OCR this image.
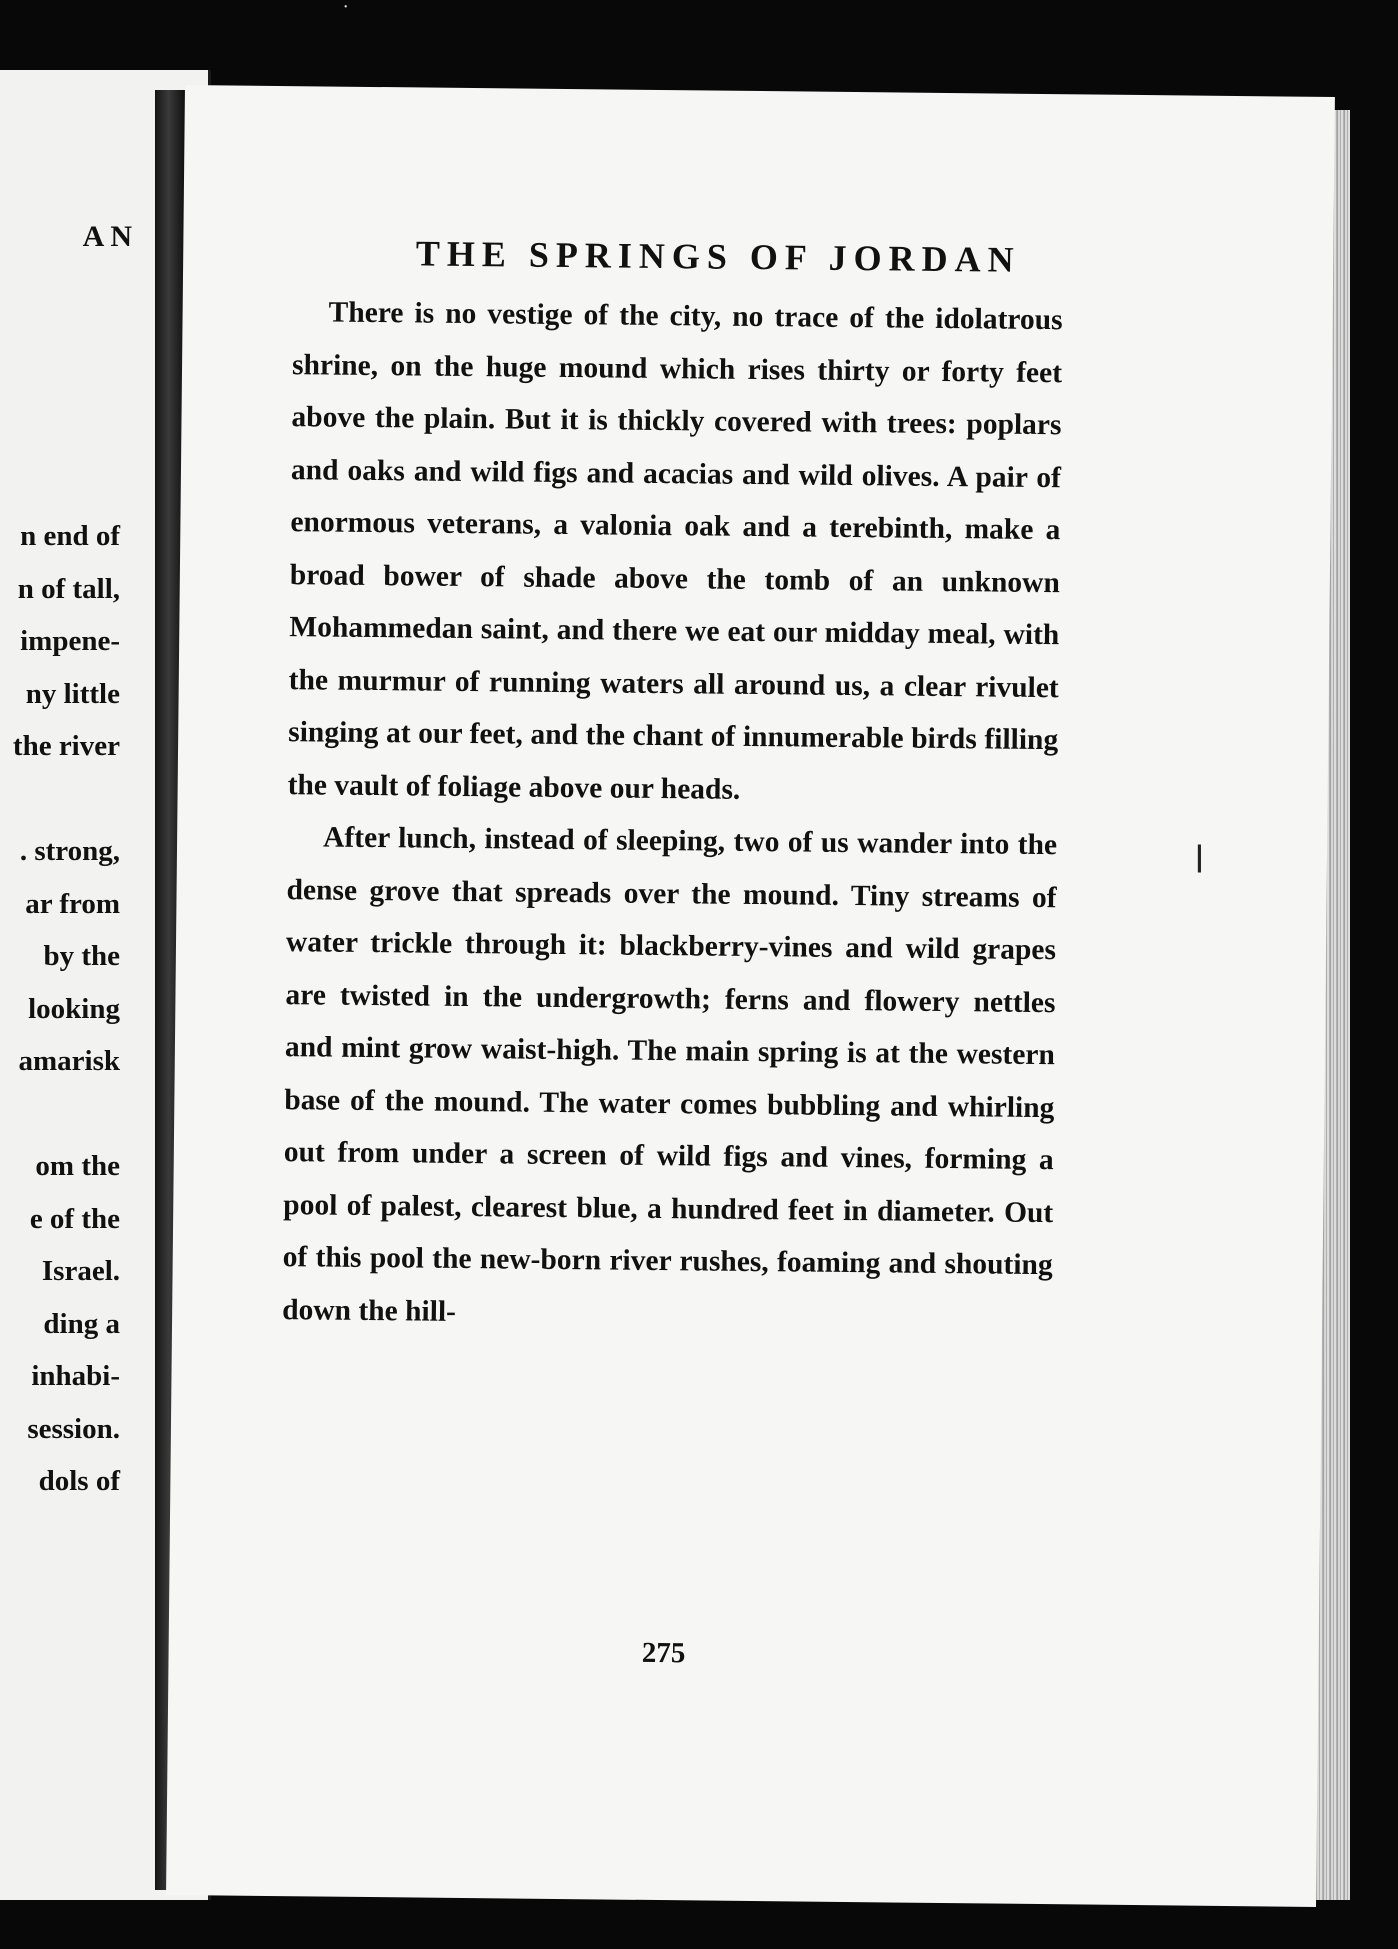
AN
n end of
n of tall,
impene-
ny little
the river
. strong,
ar from
by the
looking
amarisk
om the
e of the
Israel.
ding a
inhabi-
session.
dols of
THE SPRINGS OF JORDAN

There is no vestige of the city, no trace of the idolatrous shrine, on the huge mound which rises thirty or forty feet above the plain. But it is thickly covered with trees: poplars and oaks and wild figs and acacias and wild olives. A pair of enormous veterans, a valonia oak and a terebinth, make a broad bower of shade above the tomb of an unknown Mohammedan saint, and there we eat our midday meal, with the murmur of running waters all around us, a clear rivulet singing at our feet, and the chant of innumerable birds filling the vault of foliage above our heads.

After lunch, instead of sleeping, two of us wander into the dense grove that spreads over the mound. Tiny streams of water trickle through it: blackberry-vines and wild grapes are twisted in the undergrowth; ferns and flowery nettles and mint grow waist-high. The main spring is at the western base of the mound. The water comes bubbling and whirling out from under a screen of wild figs and vines, forming a pool of palest, clearest blue, a hundred feet in diameter. Out of this pool the new-born river rushes, foaming and shouting down the hill-

275
ǀ
˙
